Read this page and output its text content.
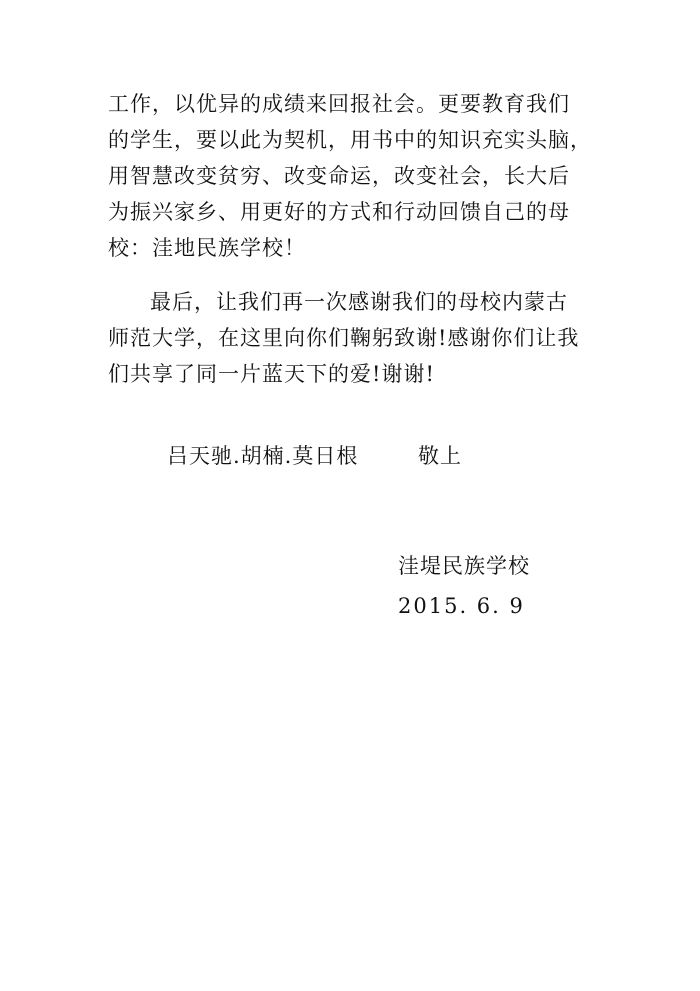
工作，以优异的成绩来回报社会。更要教育我们
的学生，要以此为契机，用书中的知识充实头脑，
用智慧改变贫穷、改变命运，改变社会，长大后
为振兴家乡、用更好的方式和行动回馈自己的母
校：洼地民族学校！
最后，让我们再一次感谢我们的母校内蒙古
师范大学，在这里向你们鞠躬致谢!感谢你们让我
们共享了同一片蓝天下的爱!谢谢!
吕天驰.胡楠.莫日根	敬上
洼堤民族学校
2015. 6. 9
